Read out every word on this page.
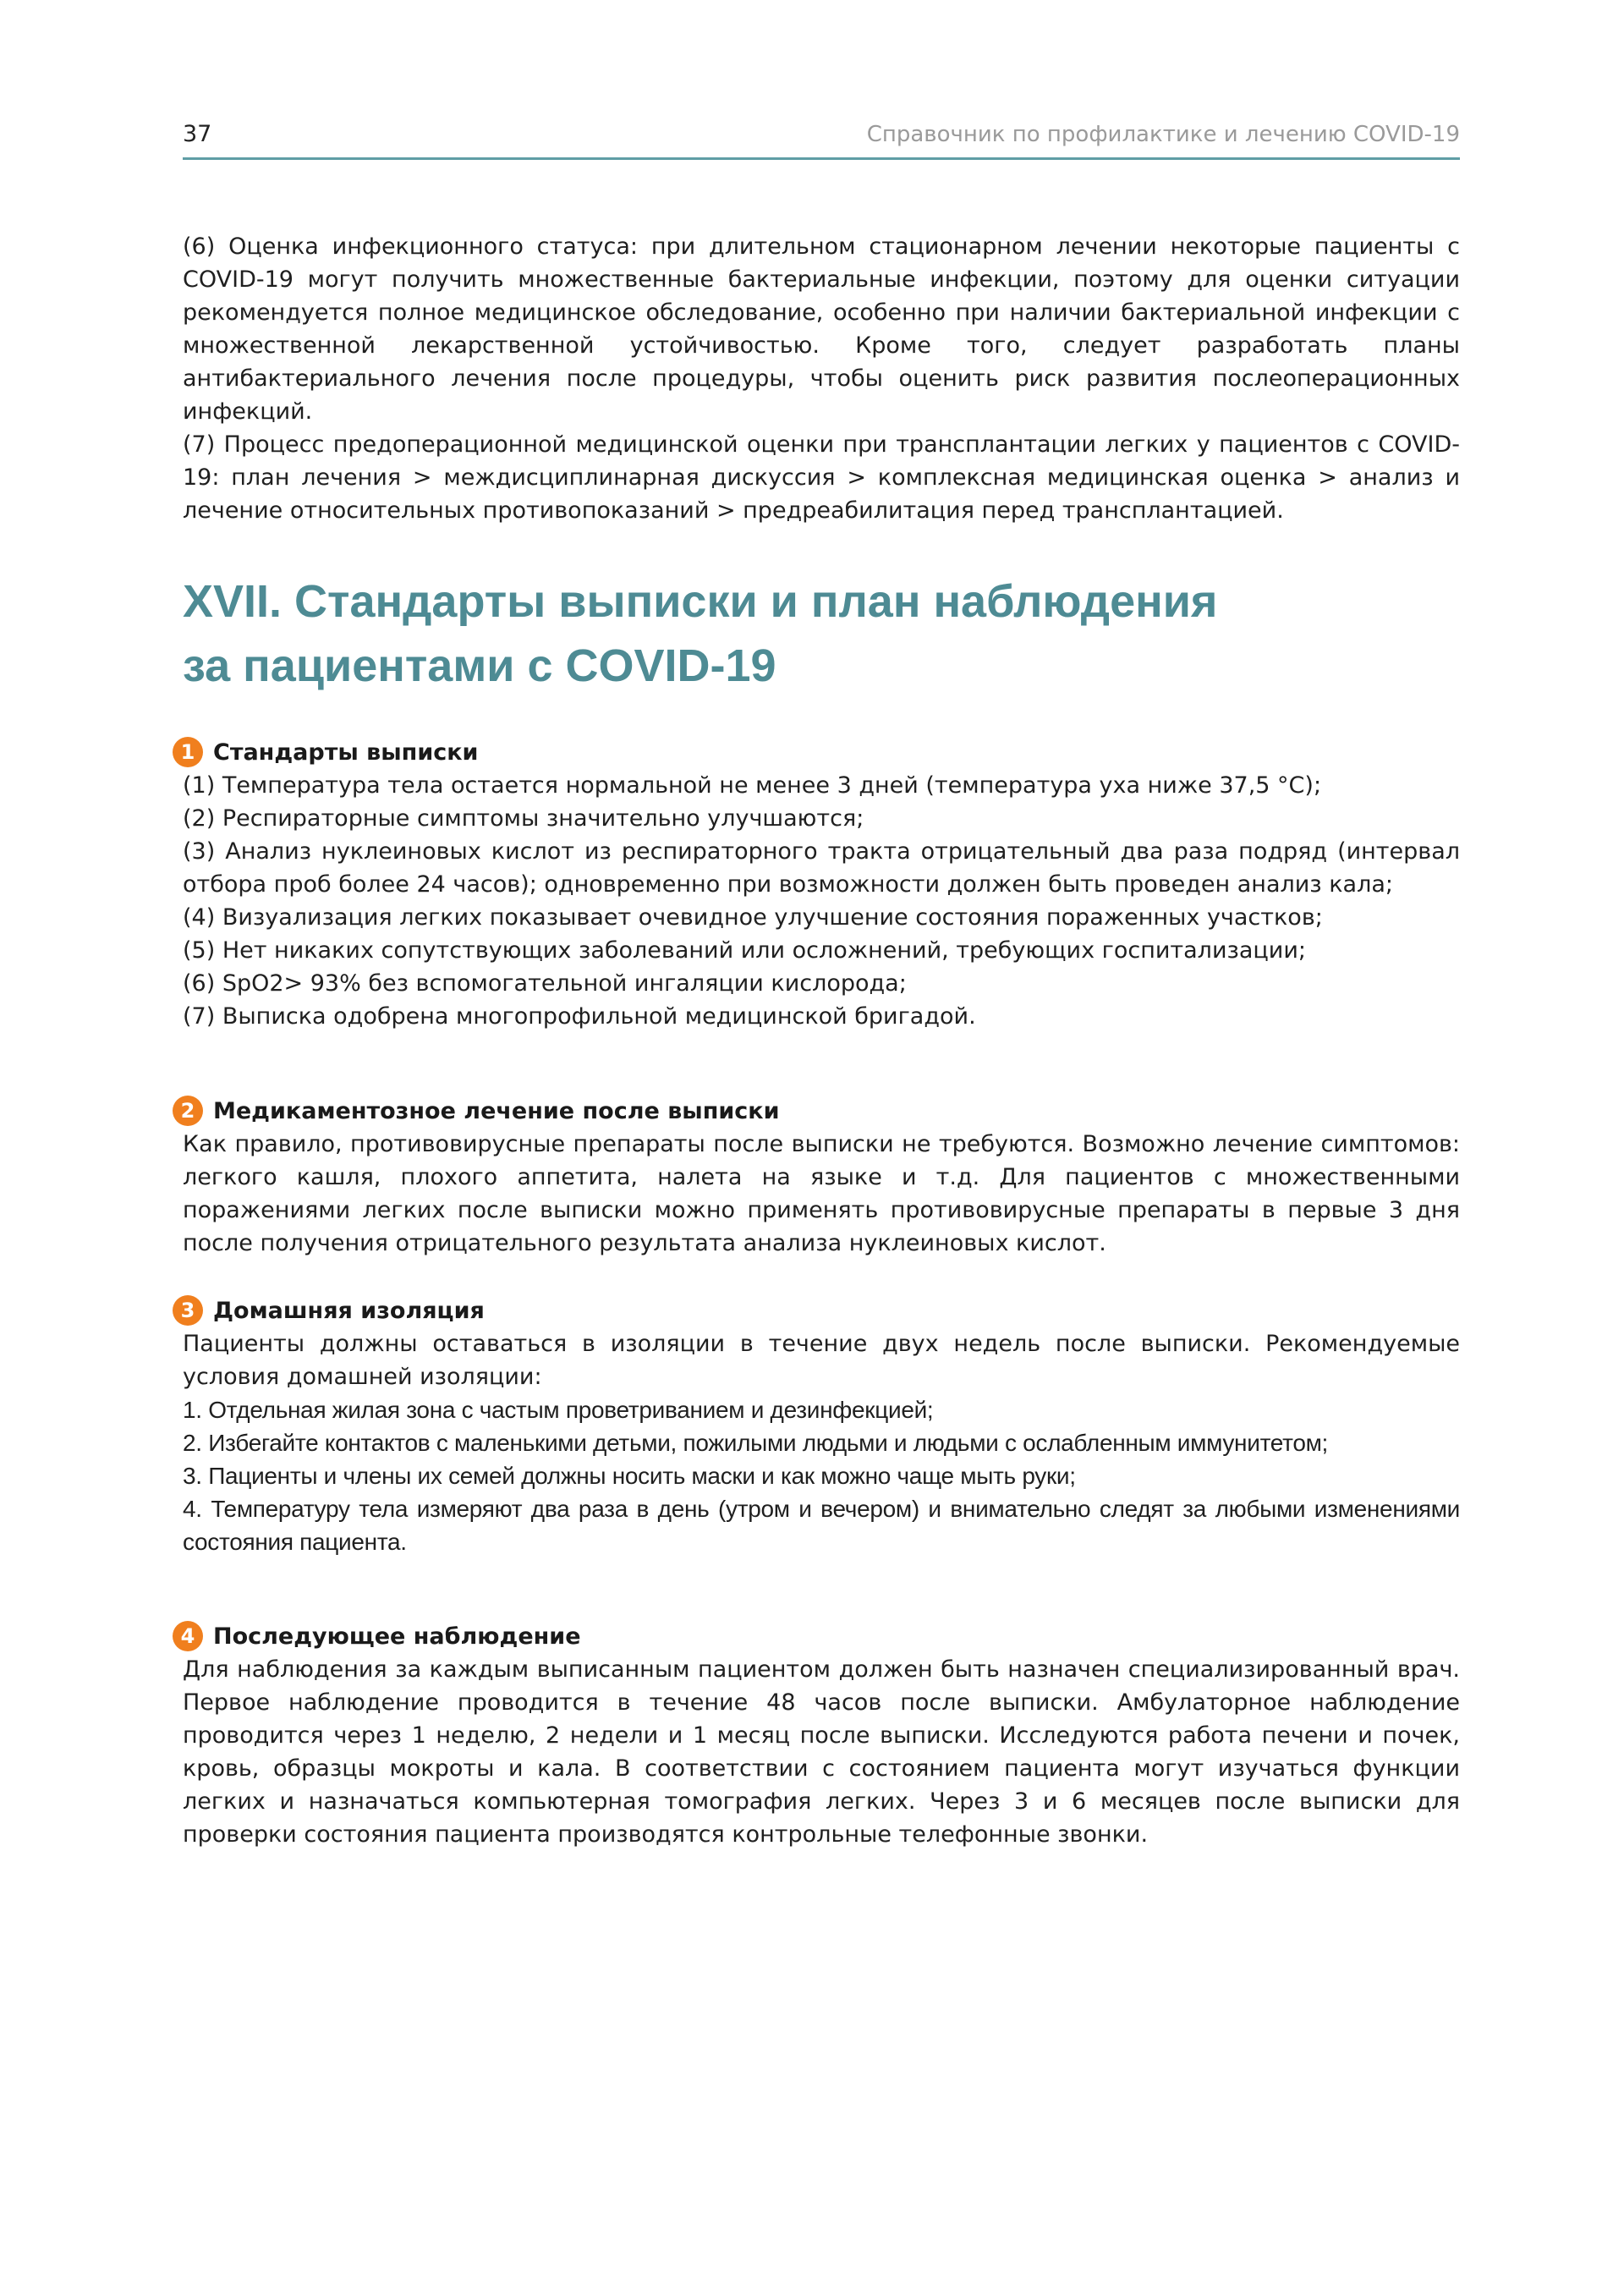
37	Справочник по профилактике и лечению COVID-19

(6) Оценка инфекционного статуса: при длительном стационарном лечении некоторые пациенты с COVID-19 могут получить множественные бактериальные инфекции, поэтому для оценки ситуации рекомендуется полное медицинское обследование, особенно при наличии бактериальной инфекции с множественной лекарственной устойчивостью. Кроме того, следует разработать планы антибактериального лечения после процедуры, чтобы оценить риск развития послеоперационных инфекций.

(7) Процесс предоперационной медицинской оценки при трансплантации легких у пациентов с COVID-19: план лечения > междисциплинарная дискуссия > комплексная медицинская оценка > анализ и лечение относительных противопоказаний > предреабилитация перед трансплантацией.

XVII. Стандарты выписки и план наблюдения
за пациентами с COVID-19
1 Стандарты выписки

(1) Температура тела остается нормальной не менее 3 дней (температура уха ниже 37,5 °C);

(2) Респираторные симптомы значительно улучшаются;

(3) Анализ нуклеиновых кислот из респираторного тракта отрицательный два раза подряд (интервал отбора проб более 24 часов); одновременно при возможности должен быть проведен анализ кала;

(4) Визуализация легких показывает очевидное улучшение состояния пораженных участков;

(5) Нет никаких сопутствующих заболеваний или осложнений, требующих госпитализации;

(6) SpO2> 93% без вспомогательной ингаляции кислорода;

(7) Выписка одобрена многопрофильной медицинской бригадой.

2 Медикаментозное лечение после выписки

Как правило, противовирусные препараты после выписки не требуются. Возможно лечение симптомов: легкого кашля, плохого аппетита, налета на языке и т.д. Для пациентов с множественными поражениями легких после выписки можно применять противовирусные препараты в первые 3 дня после получения отрицательного результата анализа нуклеиновых кислот.

3 Домашняя изоляция

Пациенты должны оставаться в изоляции в течение двух недель после выписки. Рекомендуемые условия домашней изоляции:

1. Отдельная жилая зона с частым проветриванием и дезинфекцией;

2. Избегайте контактов с маленькими детьми, пожилыми людьми и людьми с ослабленным иммунитетом;

3. Пациенты и члены их семей должны носить маски и как можно чаще мыть руки;

4. Температуру тела измеряют два раза в день (утром и вечером) и внимательно следят за любыми изменениями состояния пациента.

4 Последующее наблюдение

Для наблюдения за каждым выписанным пациентом должен быть назначен специализированный врач. Первое наблюдение проводится в течение 48 часов после выписки. Амбулаторное наблюдение проводится через 1 неделю, 2 недели и 1 месяц после выписки. Исследуются работа печени и почек, кровь, образцы мокроты и кала. В соответствии с состоянием пациента могут изучаться функции легких и назначаться компьютерная томография легких. Через 3 и 6 месяцев после выписки для проверки состояния пациента производятся контрольные телефонные звонки.
